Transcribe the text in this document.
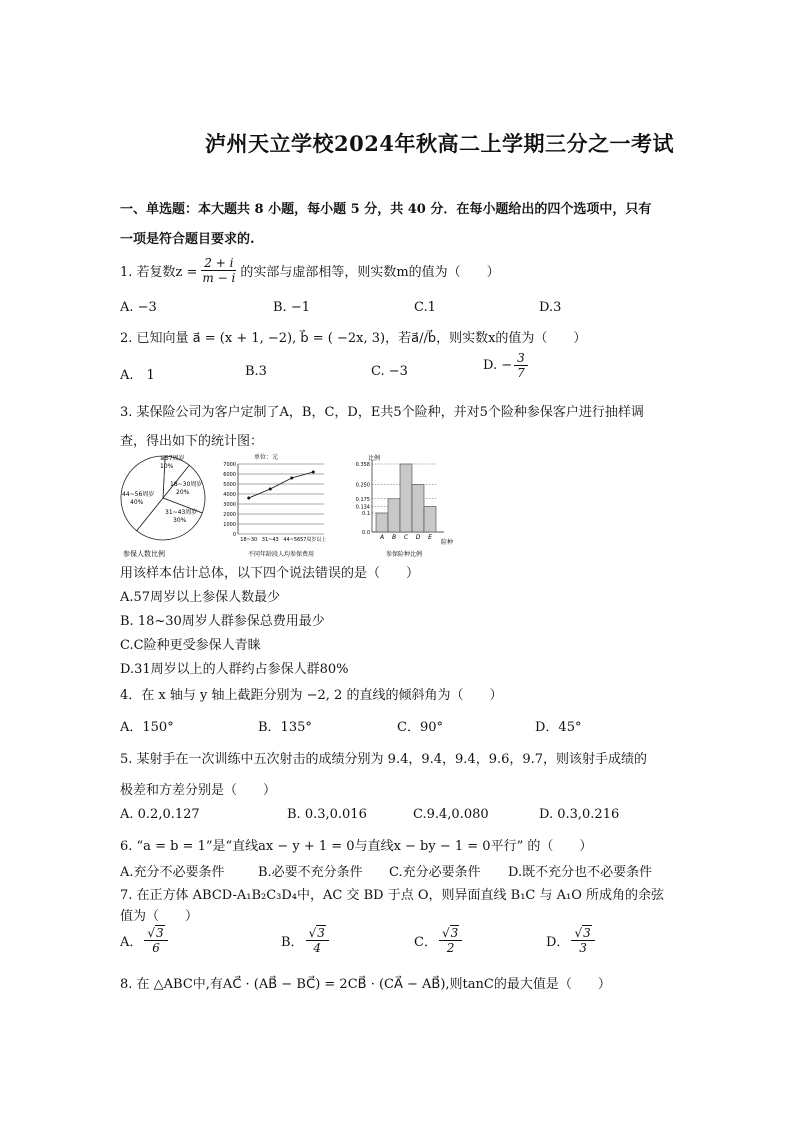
泸州天立学校2024年秋高二上学期三分之一考试
一、单选题：本大题共 8 小题，每小题 5 分，共 40 分．在每小题给出的四个选项中，只有
一项是符合题目要求的.
1. 若复数$z = \frac{2 + i}{m - i}$ 的实部与虚部相等，则实数m的值为（　　）
A. −3	B. −1	C.1	D.3
2. 已知向量 a⃗ = (x + 1, −2), b⃗ = ( −2x, 3)，若a⃗//b⃗，则实数x的值为（　　）
A.　1	B.3	C. −3	D. − $\frac{3}{7}$
3. 某保险公司为客户定制了A，B，C，D，E共5个险种，并对5个险种参保客户进行抽样调
查，得出如下的统计图：
参保人数比例
≥57周岁
10%
18~30周岁
20%
31~43周岁
30%
44~56周岁
40%
单位：元
0
1000
2000
3000
4000
5000
6000
7000
18~30 31~43 44~56 57周岁以上
不同年龄段人均参保费用
比例
0.358
0.250
0.175
0.134
0.1
0.0
A B C D E
险种
参保险种比例
用该样本估计总体，以下四个说法错误的是（　　）
A.57周岁以上参保人数最少
B. 18~30周岁人群参保总费用最少
C.C险种更受参保人青睐
D.31周岁以上的人群约占参保人群80%
4．在 x 轴与 y 轴上截距分别为 −2, 2 的直线的倾斜角为（　　）
A．150°	B．135°	C．90°	D．45°
5. 某射手在一次训练中五次射击的成绩分别为 9.4，9.4，9.4，9.6，9.7，则该射手成绩的
极差和方差分别是（　　）
A. 0.2,0.127	B. 0.3,0.016	C.9.4,0.080	D. 0.3,0.216
6. “a = b = 1”是“直线ax − y + 1 = 0与直线x − by − 1 = 0平行” 的（　　）
A.充分不必要条件	B.必要不充分条件 C.充分必要条件 D.既不充分也不必要条件
7. 在正方体 ABCD-A₁B₂C₃D₄中，AC 交 BD 于点 O，则异面直线 B₁C 与 A₁O 所成角的余弦
值为（　　）
A． $\frac{√3}{6}$	B． $\frac{√3}{4}$	C． $\frac{√3}{2}$	D． $\frac{√3}{3}$
8. 在 △ABC中,有AC⃗ · (AB⃗ − BC⃗) = 2CB⃗ · (CA⃗ − AB⃗),则tanC的最大值是（　　）
